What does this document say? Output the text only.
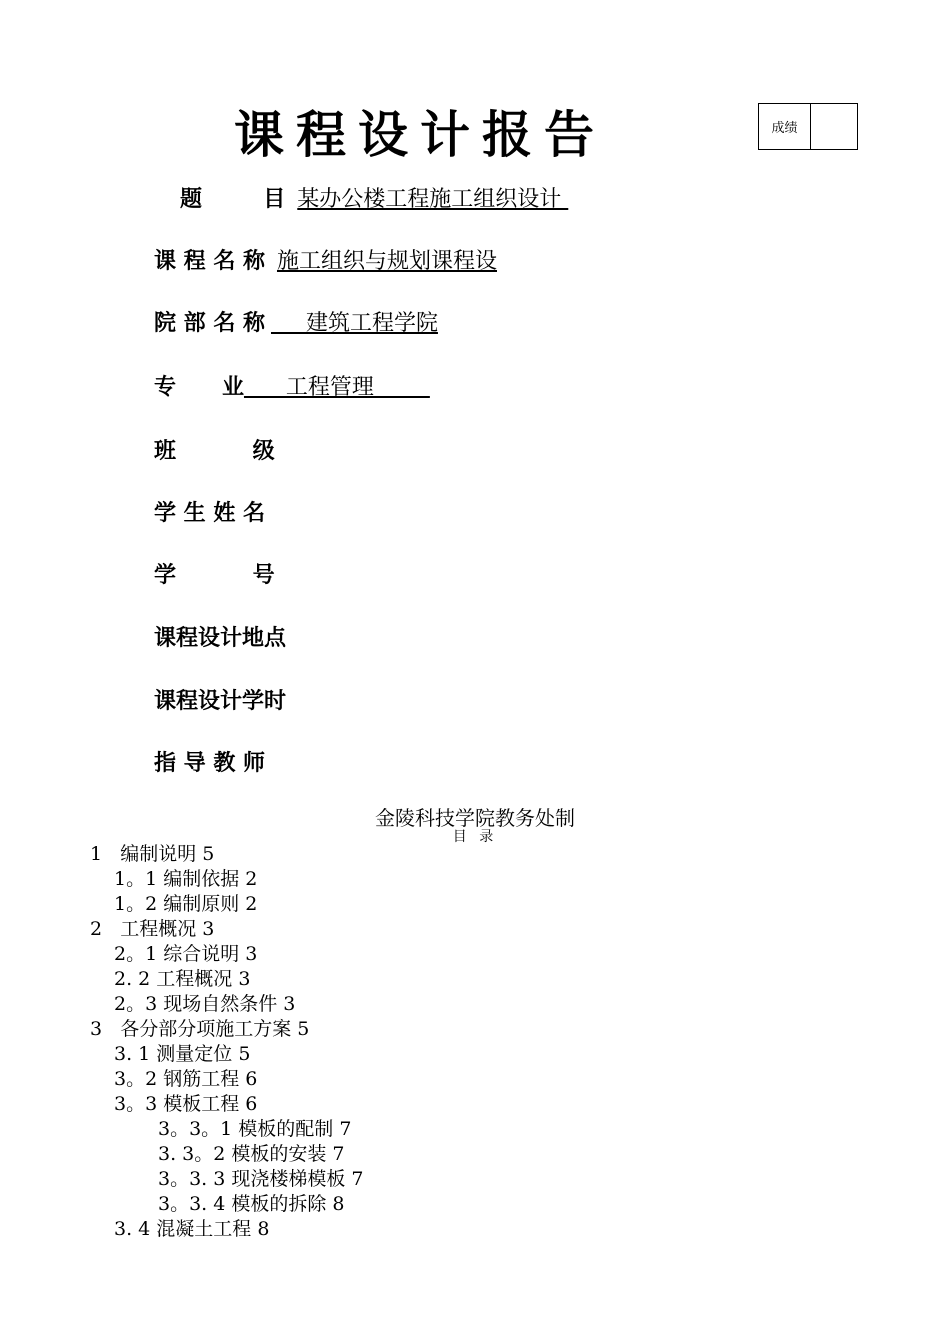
课程设计报告	成绩
题        目 某办公楼工程施工组织设计
课 程 名 称 施工组织与规划课程设
院 部 名 称 建筑工程学院
专      业 工程管理
班          级
学 生 姓 名
学          号
课程设计地点
课程设计学时
指 导 教 师
金陵科技学院教务处制
目 录
1   编制说明 5
1。1 编制依据 2
1。2 编制原则 2
2   工程概况 3
2。1 综合说明 3
2. 2 工程概况 3
2。3 现场自然条件 3
3   各分部分项施工方案 5
3. 1 测量定位 5
3。2 钢筋工程 6
3。3 模板工程 6
3。3。1 模板的配制 7
3. 3。2 模板的安装 7
3。3. 3 现浇楼梯模板 7
3。3. 4 模板的拆除 8
3. 4 混凝土工程 8
